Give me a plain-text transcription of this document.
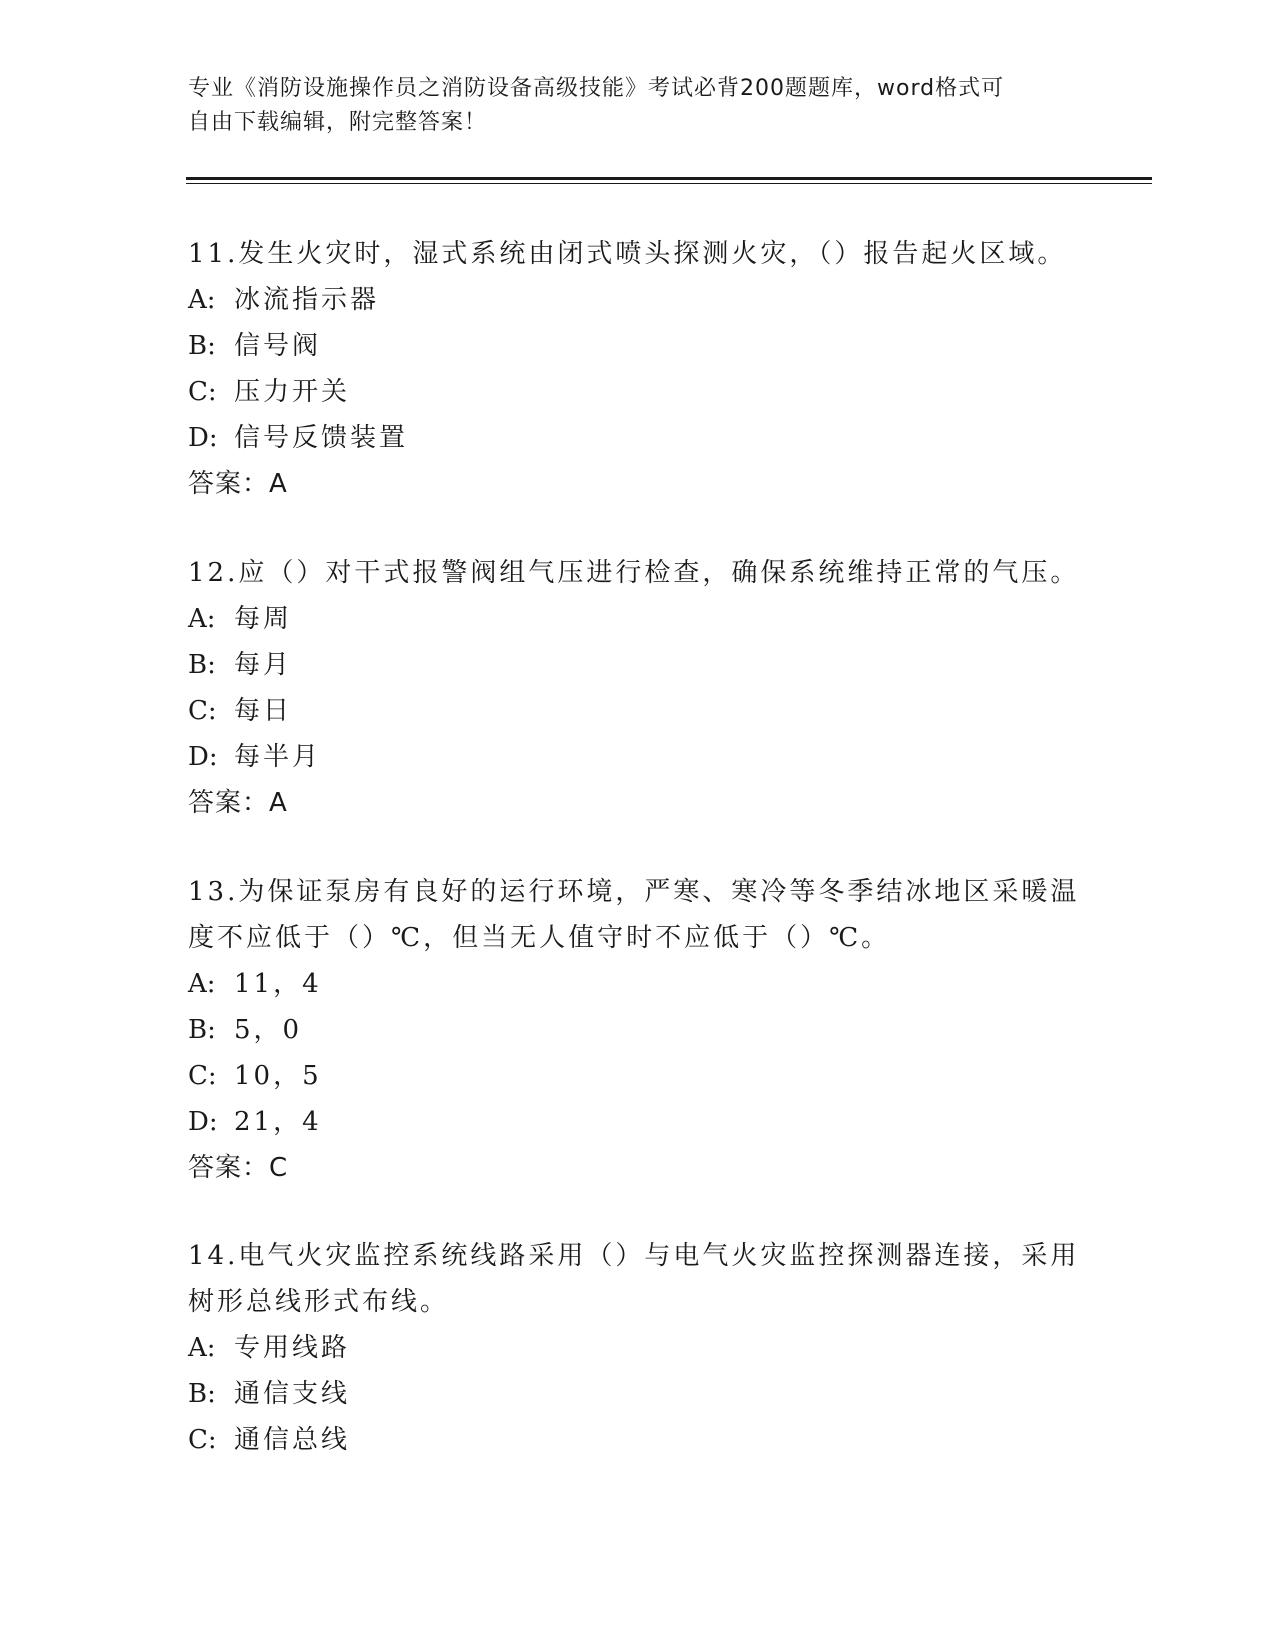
专业《消防设施操作员之消防设备高级技能》考试必背200题题库，word格式可
自由下载编辑，附完整答案！
11.发生火灾时，湿式系统由闭式喷头探测火灾，（）报告起火区域。
A: 冰流指示器
B: 信号阀
C: 压力开关
D: 信号反馈装置
答案：A
12.应（）对干式报警阀组气压进行检查，确保系统维持正常的气压。
A: 每周
B: 每月
C: 每日
D: 每半月
答案：A
13.为保证泵房有良好的运行环境，严寒、寒冷等冬季结冰地区采暖温
度不应低于（）℃，但当无人值守时不应低于（）℃。
A: 11，4
B: 5，0
C: 10，5
D: 21，4
答案：C
14.电气火灾监控系统线路采用（）与电气火灾监控探测器连接，采用
树形总线形式布线。
A: 专用线路
B: 通信支线
C: 通信总线
